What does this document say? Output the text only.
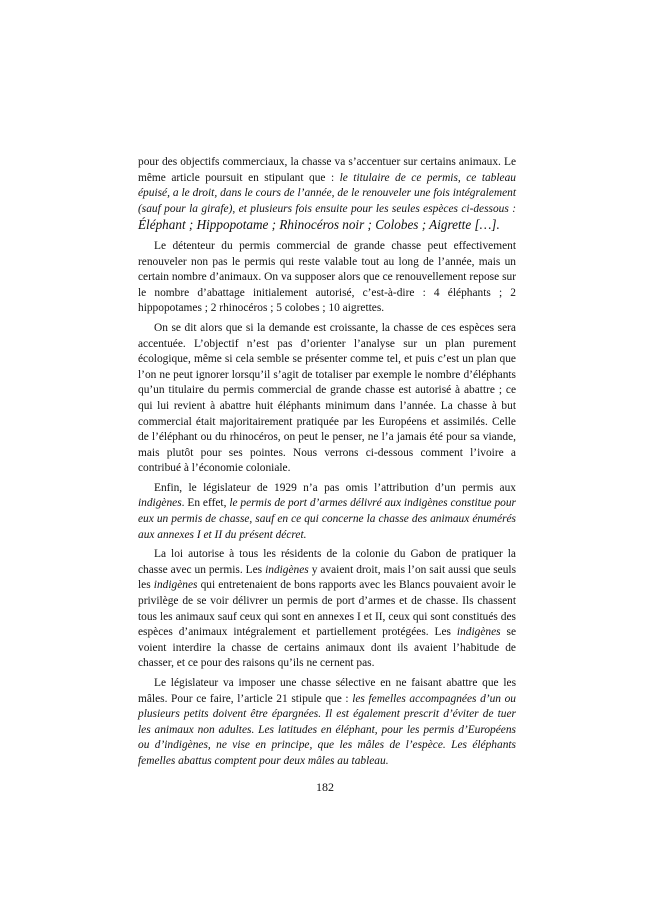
pour des objectifs commerciaux, la chasse va s’accentuer sur certains animaux. Le même article poursuit en stipulant que : le titulaire de ce permis, ce tableau épuisé, a le droit, dans le cours de l’année, de le renouveler une fois intégralement (sauf pour la girafe), et plusieurs fois ensuite pour les seules espèces ci-dessous : Éléphant ; Hippopotame ; Rhinocéros noir ; Colobes ; Aigrette […].

Le détenteur du permis commercial de grande chasse peut effectivement renouveler non pas le permis qui reste valable tout au long de l’année, mais un certain nombre d’animaux. On va supposer alors que ce renouvellement repose sur le nombre d’abattage initialement autorisé, c’est-à-dire : 4 éléphants ; 2 hippopotames ; 2 rhinocéros ; 5 colobes ; 10 aigrettes.

On se dit alors que si la demande est croissante, la chasse de ces espèces sera accentuée. L’objectif n’est pas d’orienter l’analyse sur un plan purement écologique, même si cela semble se présenter comme tel, et puis c’est un plan que l’on ne peut ignorer lorsqu’il s’agit de totaliser par exemple le nombre d’éléphants qu’un titulaire du permis commercial de grande chasse est autorisé à abattre ; ce qui lui revient à abattre huit éléphants minimum dans l’année. La chasse à but commercial était majoritairement pratiquée par les Européens et assimilés. Celle de l’éléphant ou du rhinocéros, on peut le penser, ne l’a jamais été pour sa viande, mais plutôt pour ses pointes. Nous verrons ci-dessous comment l’ivoire a contribué à l’économie coloniale.

Enfin, le législateur de 1929 n’a pas omis l’attribution d’un permis aux indigènes. En effet, le permis de port d’armes délivré aux indigènes constitue pour eux un permis de chasse, sauf en ce qui concerne la chasse des animaux énumérés aux annexes I et II du présent décret.

La loi autorise à tous les résidents de la colonie du Gabon de pratiquer la chasse avec un permis. Les indigènes y avaient droit, mais l’on sait aussi que seuls les indigènes qui entretenaient de bons rapports avec les Blancs pouvaient avoir le privilège de se voir délivrer un permis de port d’armes et de chasse. Ils chassent tous les animaux sauf ceux qui sont en annexes I et II, ceux qui sont constitués des espèces d’animaux intégralement et partiellement protégées. Les indigènes se voient interdire la chasse de certains animaux dont ils avaient l’habitude de chasser, et ce pour des raisons qu’ils ne cernent pas.

Le législateur va imposer une chasse sélective en ne faisant abattre que les mâles. Pour ce faire, l’article 21 stipule que : les femelles accompagnées d’un ou plusieurs petits doivent être épargnées. Il est également prescrit d’éviter de tuer les animaux non adultes. Les latitudes en éléphant, pour les permis d’Européens ou d’indigènes, ne vise en principe, que les mâles de l’espèce. Les éléphants femelles abattus comptent pour deux mâles au tableau.

182
